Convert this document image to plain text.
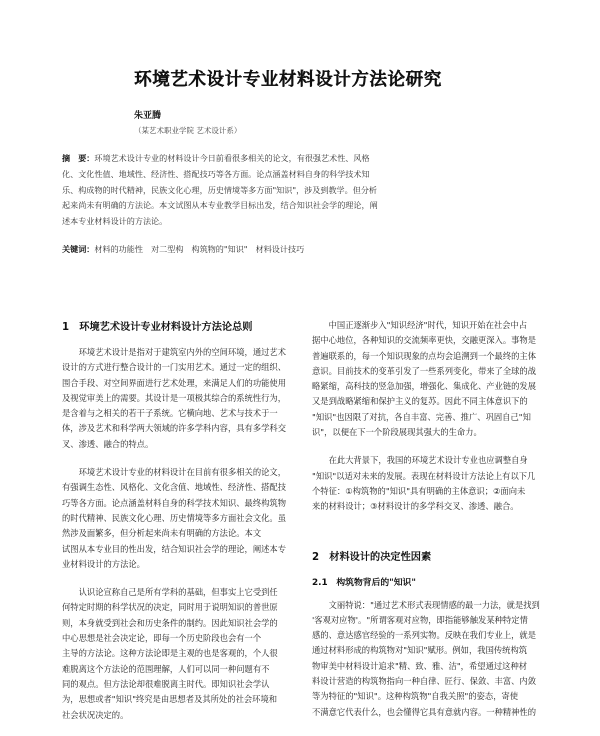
环境艺术设计专业材料设计方法论研究
朱亚腾
（某艺术职业学院 艺术设计系）
摘　要：环境艺术设计专业的材料设计今日前看很多相关的论文，有很强艺术性、风格
化、文化性值、地域性、经济性、搭配技巧等各方面。论点涵盖材料自身的科学技术知
乐、构成物的时代精神，民族文化心理，历史情境等多方面"知识"，涉及到教学。但分析
起来尚未有明确的方法论。本文试图从本专业教学目标出发，结合知识社会学的理论，阐
述本专业材料设计的方法论。
关键词：材料的功能性　对二型构　构筑物的"知识"　材料设计技巧
1　环境艺术设计专业材料设计方法论总则
　　环境艺术设计是指对于建筑室内外的空间环境，通过艺术
设计的方式进行整合设计的一门实用艺术。通过一定的组织、
围合手段、对空间界面进行艺术处理，来满足人们的功能使用
及视觉审美上的需要。其设计是一项极其综合的系统性行为，
是含着与之相关的若干子系统。它横向地、艺术与技术于一
体，涉及艺术和科学两大领域的许多学科内容，具有多学科交
叉、渗透、融合的特点。
　　环境艺术设计专业的材料设计在目前有很多相关的论文，
有强调生态性、风格化、文化含值、地域性、经济性、搭配技
巧等各方面。论点涵盖材料自身的科学技术知识、最终构筑物
的时代精神、民族文化心理、历史情境等多方面社会文化。虽
然涉及面繁多，但分析起来尚未有明确的方法论。本文
试图从本专业目的性出发，结合知识社会学的理论，阐述本专
业材料设计的方法论。
　　认识论宣称自己是所有学科的基础，但事实上它受到任
何特定时期的科学状况的决定，同时用于说明知识的普世原
则，本身就受到社会和历史条件的制约。因此知识社会学的
中心思想是社会决定论，即每一个历史阶段也会有一个
主导的方法论。这种方法论即是主观的也是客观的，个人很
难脱离这个方法论的范围理解，人们可以同一种问题有不
同的观点。但方法论却很难脱离主时代。即知识社会学认
为，思想或者"知识"终究是由思想者及其所处的社会环境和
社会状况决定的。
　　中国正逐渐步入"知识经济"时代，知识开始在社会中占
据中心地位，各种知识的交流频率更快，交融更深入。事物是
普遍联系的，每一个知识现象的点均会追溯到一个最终的主体
意识。目前技术的变革引发了一些系列变化，带来了全球的战
略紧缩，高科技的竖急加强，增强化、集成化、产业链的发展
又是到战略紧缩和保护主义的复苏。因此不同主体意识下的
"知识"也因限了对抗，各自丰富、完善、推广、巩固自己"知
识"，以便在下一个阶段展现其强大的生命力。
　　在此大背景下，我国的环境艺术设计专业也应调整自身
"知识"以适对未来的发展。表现在材料设计方法论上有以下几
个特征：①构筑物的"知识"具有明确的主体意识；②面向未
来的材料设计；③材料设计的多学科交叉、渗透、融合。
2　材料设计的决定性因素
2.1　构筑物背后的"知识"
　　文丽特说："通过艺术形式表现情感的最一力法，就是找到
'客观对应物'。"所谓客观对应物，即指能够触发某种特定情
感的、意达感官经验的一系列实物。反映在我们专业上，就是
通过材料形成的构筑物对"知识"赋形。例如，我国传统构筑
物审美中材料设计追求"精、致、雅、洁"，希望通过这种材
料设计营造的构筑物指向一种自律、匠行、保敛、丰富、内敛
等为特征的"知识"。这种构筑物"自我关照"的姿态，寄使
不满意它代表什么，也会懂得它具有意就内容。一种精神性的
